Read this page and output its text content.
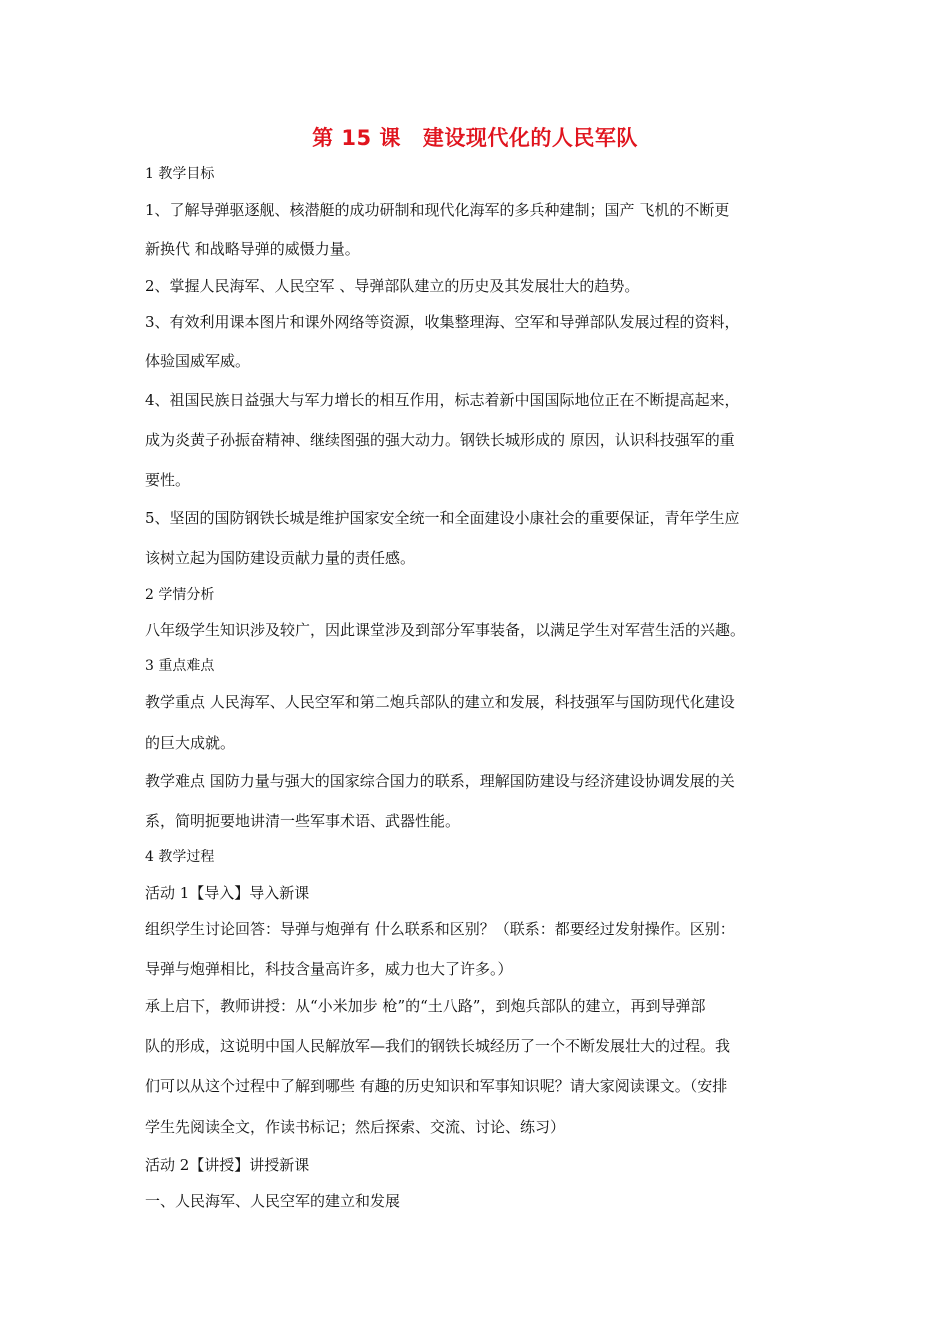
第 15 课 建设现代化的人民军队
1 教学目标
1、了解导弹驱逐舰、核潜艇的成功研制和现代化海军的多兵种建制；国产 飞机的不断更
新换代 和战略导弹的威慑力量。
2、掌握人民海军、人民空军 、导弹部队建立的历史及其发展壮大的趋势。
3、有效利用课本图片和课外网络等资源，收集整理海、空军和导弹部队发展过程的资料，
体验国威军威。
4、祖国民族日益强大与军力增长的相互作用，标志着新中国国际地位正在不断提高起来，
成为炎黄子孙振奋精神、继续图强的强大动力。钢铁长城形成的 原因，认识科技强军的重
要性。
5、坚固的国防钢铁长城是维护国家安全统一和全面建设小康社会的重要保证，青年学生应
该树立起为国防建设贡献力量的责任感。
2 学情分析
八年级学生知识涉及较广，因此课堂涉及到部分军事装备，以满足学生对军营生活的兴趣。
3 重点难点
教学重点 人民海军、人民空军和第二炮兵部队的建立和发展，科技强军与国防现代化建设
的巨大成就。
教学难点 国防力量与强大的国家综合国力的联系，理解国防建设与经济建设协调发展的关
系，简明扼要地讲清一些军事术语、武器性能。
4 教学过程
活动 1【导入】导入新课
组织学生讨论回答：导弹与炮弹有 什么联系和区别？（联系：都要经过发射操作。区别：
导弹与炮弹相比，科技含量高许多，威力也大了许多。）
承上启下，教师讲授：从“小米加步 枪”的“土八路”，到炮兵部队的建立，再到导弹部
队的形成，这说明中国人民解放军—我们的钢铁长城经历了一个不断发展壮大的过程。我
们可以从这个过程中了解到哪些 有趣的历史知识和军事知识呢？请大家阅读课文。（安排
学生先阅读全文，作读书标记；然后探索、交流、讨论、练习）
活动 2【讲授】讲授新课
一、人民海军、人民空军的建立和发展
